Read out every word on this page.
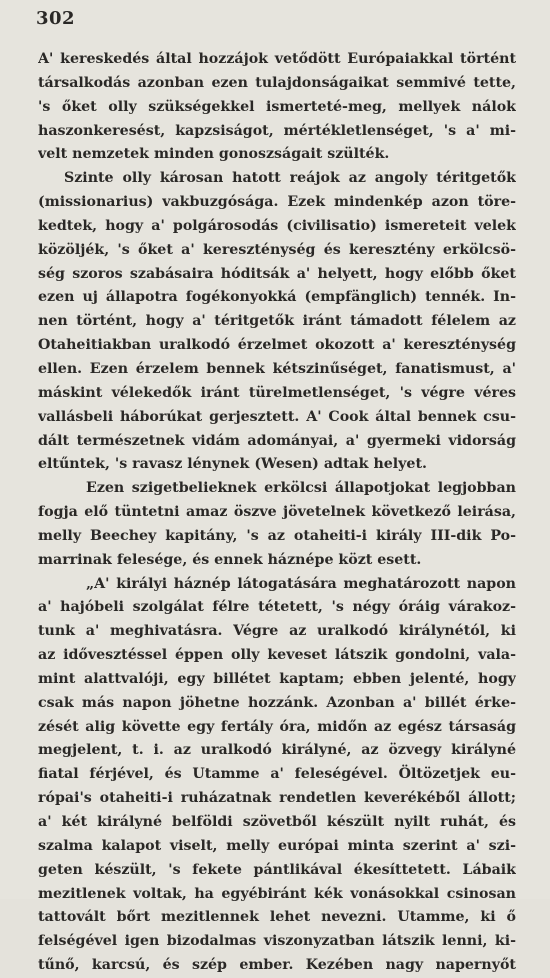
302
A' kereskedés által hozzájok vetődött Európaiakkal történt
társalkodás azonban ezen tulajdonságaikat semmivé tette,
's őket olly szükségekkel ismerteté-meg, mellyek nálok
haszonkeresést, kapzsiságot, mértékletlenséget, 's a' mi-
velt nemzetek minden gonoszságait szülték.
Szinte olly károsan hatott reájok az angoly téritgetők
(missionarius) vakbuzgósága. Ezek mindenkép azon töre-
kedtek, hogy a' polgárosodás (civilisatio) ismereteit velek
közöljék, 's őket a' kereszténység és keresztény erkölcsö-
ség szoros szabásaira hóditsák a' helyett, hogy előbb őket
ezen uj állapotra fogékonyokká (empfänglich) tennék. In-
nen történt, hogy a' téritgetők iránt támadott félelem az
Otaheitiakban uralkodó érzelmet okozott a' kereszténység
ellen. Ezen érzelem bennek kétszinűséget, fanatismust, a'
máskint vélekedők iránt türelmetlenséget, 's végre véres
vallásbeli háborúkat gerjesztett. A' Cook által bennek csu-
dált természetnek vidám adományai, a' gyermeki vidorság
eltűntek, 's ravasz lénynek (Wesen) adtak helyet.
Ezen szigetbelieknek erkölcsi állapotjokat legjobban
fogja elő tüntetni amaz öszve jövetelnek következő leirása,
melly Beechey kapitány, 's az otaheiti-i király III-dik Po-
marrinak felesége, és ennek háznépe közt esett.
„A' királyi háznép látogatására meghatározott napon
a' hajóbeli szolgálat félre tétetett, 's négy óráig várakoz-
tunk a' meghivatásra. Végre az uralkodó királynétól, ki
az idővesztéssel éppen olly keveset látszik gondolni, vala-
mint alattvalóji, egy billétet kaptam; ebben jelenté, hogy
csak más napon jöhetne hozzánk. Azonban a' billét érke-
zését alig követte egy fertály óra, midőn az egész társaság
megjelent, t. i. az uralkodó királyné, az özvegy királyné
fiatal férjével, és Utamme a' feleségével. Öltözetjek eu-
rópai's otaheiti-i ruházatnak rendetlen keverékéből állott;
a' két királyné belföldi szövetből készült nyilt ruhát, és
szalma kalapot viselt, melly európai minta szerint a' szi-
geten készült, 's fekete pántlikával ékesíttetett. Lábaik
mezitlenek voltak, ha egyébiránt kék vonásokkal csinosan
tattovált bőrt mezitlennek lehet nevezni. Utamme, ki ő
felségével igen bizodalmas viszonyzatban látszik lenni, ki-
tűnő, karcsú, és szép ember. Kezében nagy napernyőt
